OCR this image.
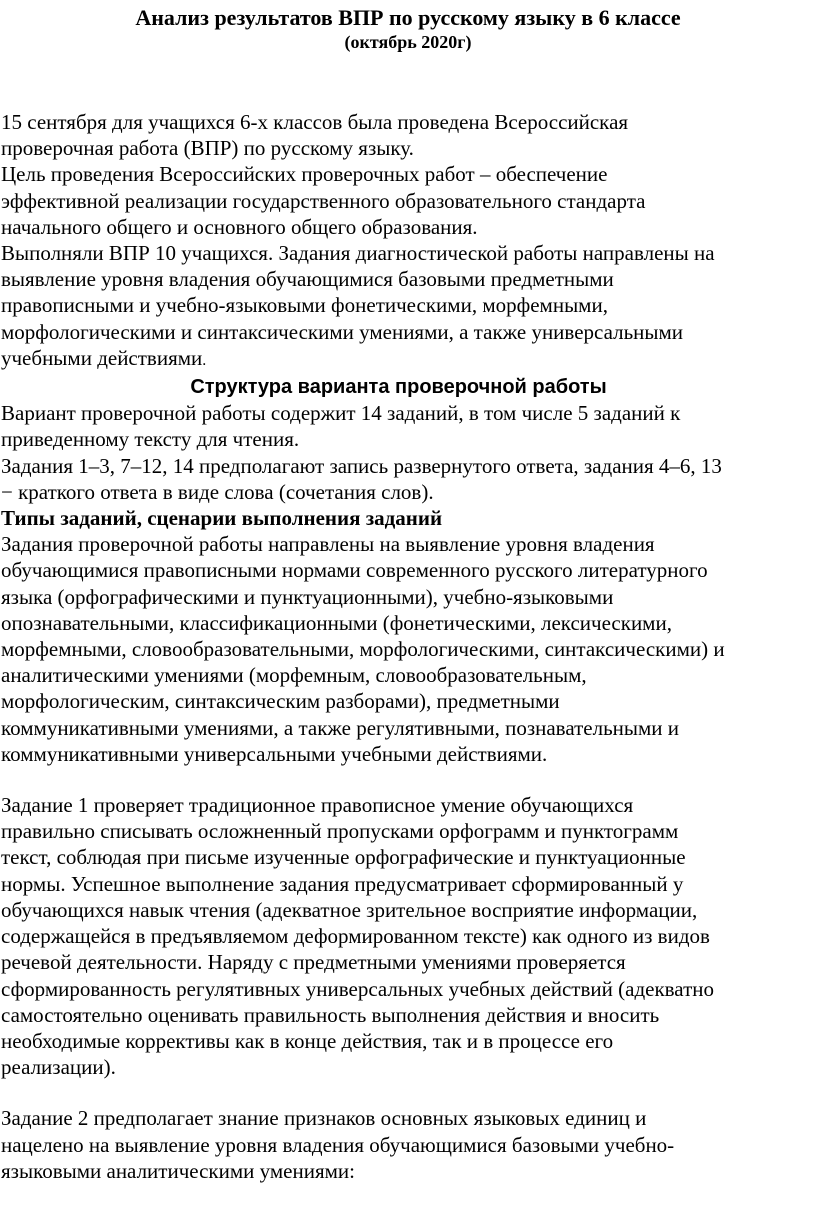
Анализ результатов ВПР по русскому языку в 6 классе
(октябрь 2020г)

15 сентября для учащихся 6-х классов была проведена Всероссийская

проверочная работа (ВПР) по русскому языку.

Цель проведения Всероссийских проверочных работ – обеспечение

эффективной реализации государственного образовательного стандарта

начального общего и основного общего образования.

Выполняли ВПР 10 учащихся. Задания диагностической работы направлены на

выявление уровня владения обучающимися базовыми предметными

правописными и учебно-языковыми фонетическими, морфемными,

морфологическими и синтаксическими умениями, а также универсальными

учебными действиями.

Структура варианта проверочной работы

Вариант проверочной работы содержит 14 заданий, в том числе 5 заданий к

приведенному тексту для чтения.

Задания 1–3, 7–12, 14 предполагают запись развернутого ответа, задания 4–6, 13

− краткого ответа в виде слова (сочетания слов).

Типы заданий, сценарии выполнения заданий

Задания проверочной работы направлены на выявление уровня владения

обучающимися правописными нормами современного русского литературного

языка (орфографическими и пунктуационными), учебно-языковыми

опознавательными, классификационными (фонетическими, лексическими,

морфемными, словообразовательными, морфологическими, синтаксическими) и

аналитическими умениями (морфемным, словообразовательным,

морфологическим, синтаксическим разборами), предметными

коммуникативными умениями, а также регулятивными, познавательными и

коммуникативными универсальными учебными действиями.

Задание 1 проверяет традиционное правописное умение обучающихся

правильно списывать осложненный пропусками орфограмм и пунктограмм

текст, соблюдая при письме изученные орфографические и пунктуационные

нормы. Успешное выполнение задания предусматривает сформированный у

обучающихся навык чтения (адекватное зрительное восприятие информации,

содержащейся в предъявляемом деформированном тексте) как одного из видов

речевой деятельности. Наряду с предметными умениями проверяется

сформированность регулятивных универсальных учебных действий (адекватно

самостоятельно оценивать правильность выполнения действия и вносить

необходимые коррективы как в конце действия, так и в процессе его

реализации).

Задание 2 предполагает знание признаков основных языковых единиц и

нацелено на выявление уровня владения обучающимися базовыми учебно-

языковыми аналитическими умениями:
